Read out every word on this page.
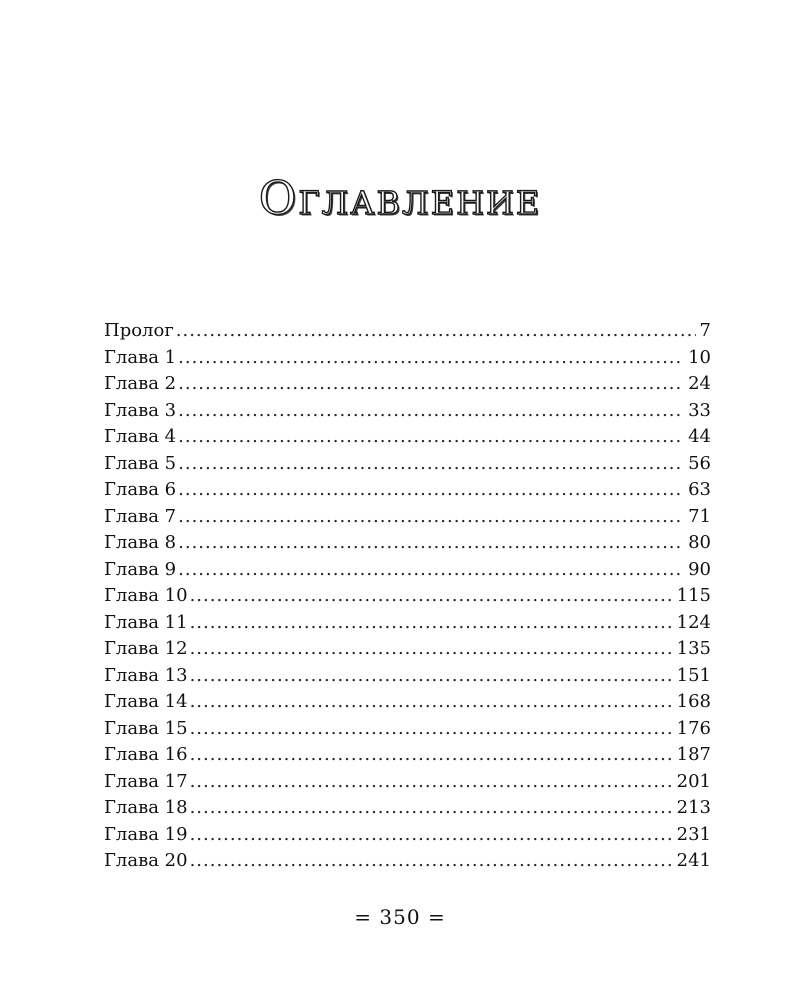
Оглавление
Пролог .....	7
Глава 1 .....	10
Глава 2 .....	24
Глава 3 .....	33
Глава 4 .....	44
Глава 5 .....	56
Глава 6 .....	63
Глава 7 .....	71
Глава 8 .....	80
Глава 9 .....	90
Глава 10 .....	115
Глава 11 .....	124
Глава 12 .....	135
Глава 13 .....	151
Глава 14 .....	168
Глава 15 .....	176
Глава 16 .....	187
Глава 17 .....	201
Глава 18 .....	213
Глава 19 .....	231
Глава 20 .....	241
= 350 =
